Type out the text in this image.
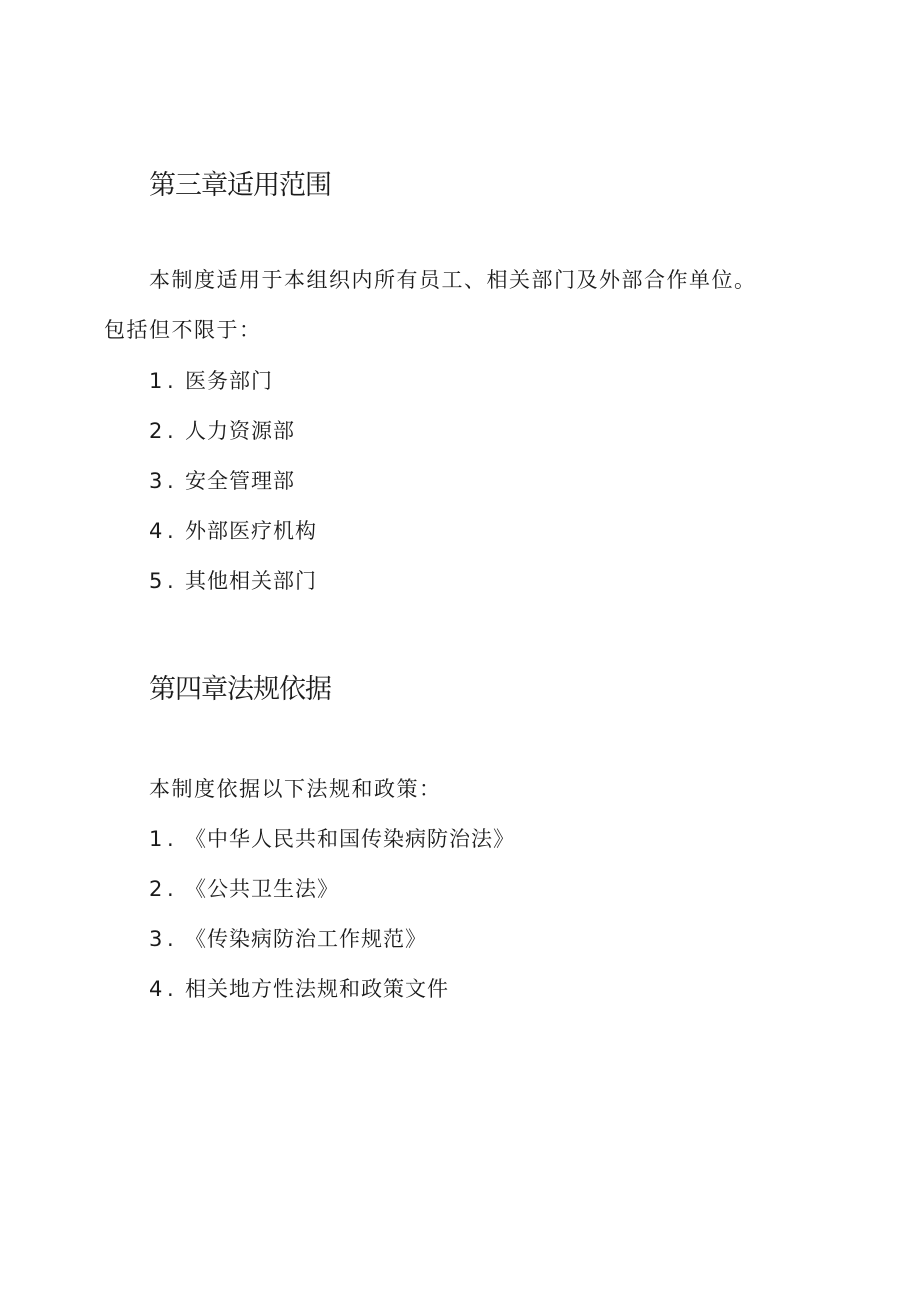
第三章适用范围

本制度适用于本组织内所有员工、相关部门及外部合作单位。

包括但不限于：

1 . 医务部门
2 . 人力资源部
3 . 安全管理部
4 . 外部医疗机构
5 . 其他相关部门
第四章法规依据

本制度依据以下法规和政策：

1 . 《中华人民共和国传染病防治法》
2 . 《公共卫生法》
3 . 《传染病防治工作规范》
4 . 相关地方性法规和政策文件
